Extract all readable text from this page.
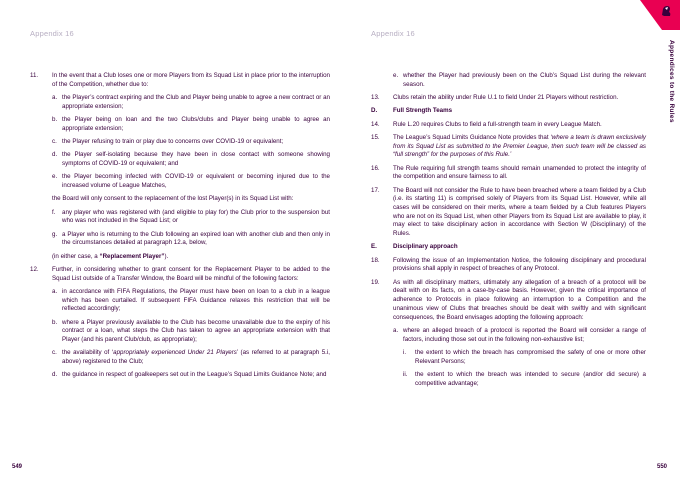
Appendix 16	Appendix 16
Appendices to the Rules
11. In the event that a Club loses one or more Players from its Squad List in place prior to the interruption of the Competition, whether due to:
a. the Player’s contract expiring and the Club and Player being unable to agree a new contract or an appropriate extension;
b. the Player being on loan and the two Clubs/clubs and Player being unable to agree an appropriate extension;
c. the Player refusing to train or play due to concerns over COVID-19 or equivalent;
d. the Player self-isolating because they have been in close contact with someone showing symptoms of COVID-19 or equivalent; and
e. the Player becoming infected with COVID-19 or equivalent or becoming injured due to the increased volume of League Matches,
the Board will only consent to the replacement of the lost Player(s) in its Squad List with:
f. any player who was registered with (and eligible to play for) the Club prior to the suspension but who was not included in the Squad List; or
g. a Player who is returning to the Club following an expired loan with another club and then only in the circumstances detailed at paragraph 12.a, below,
(in either case, a “Replacement Player”).
12. Further, in considering whether to grant consent for the Replacement Player to be added to the Squad List outside of a Transfer Window, the Board will be mindful of the following factors:
a. in accordance with FIFA Regulations, the Player must have been on loan to a club in a league which has been curtailed. If subsequent FIFA Guidance relaxes this restriction that will be reflected accordingly;
b. where a Player previously available to the Club has become unavailable due to the expiry of his contract or a loan, what steps the Club has taken to agree an appropriate extension with that Player (and his parent Club/club, as appropriate);
c. the availability of ‘appropriately experienced Under 21 Players’ (as referred to at paragraph 5.i, above) registered to the Club;
d. the guidance in respect of goalkeepers set out in the League’s Squad Limits Guidance Note; and
e. whether the Player had previously been on the Club’s Squad List during the relevant season.
13. Clubs retain the ability under Rule U.1 to field Under 21 Players without restriction.
D.	Full Strength Teams
14. Rule L.20 requires Clubs to field a full-strength team in every League Match.
15. The League’s Squad Limits Guidance Note provides that ‘where a team is drawn exclusively from its Squad List as submitted to the Premier League, then such team will be classed as “full strength” for the purposes of this Rule.’
16. The Rule requiring full strength teams should remain unamended to protect the integrity of the competition and ensure fairness to all.
17. The Board will not consider the Rule to have been breached where a team fielded by a Club (i.e. its starting 11) is comprised solely of Players from its Squad List. However, while all cases will be considered on their merits, where a team fielded by a Club features Players who are not on its Squad List, when other Players from its Squad List are available to play, it may elect to take disciplinary action in accordance with Section W (Disciplinary) of the Rules.
E.	Disciplinary approach
18. Following the issue of an Implementation Notice, the following disciplinary and procedural provisions shall apply in respect of breaches of any Protocol.
19. As with all disciplinary matters, ultimately any allegation of a breach of a protocol will be dealt with on its facts, on a case-by-case basis. However, given the critical importance of adherence to Protocols in place following an interruption to a Competition and the unanimous view of Clubs that breaches should be dealt with swiftly and with significant consequences, the Board envisages adopting the following approach:
a. where an alleged breach of a protocol is reported the Board will consider a range of factors, including those set out in the following non-exhaustive list;
i. the extent to which the breach has compromised the safety of one or more other Relevant Persons;
ii. the extent to which the breach was intended to secure (and/or did secure) a competitive advantage;
549	550
